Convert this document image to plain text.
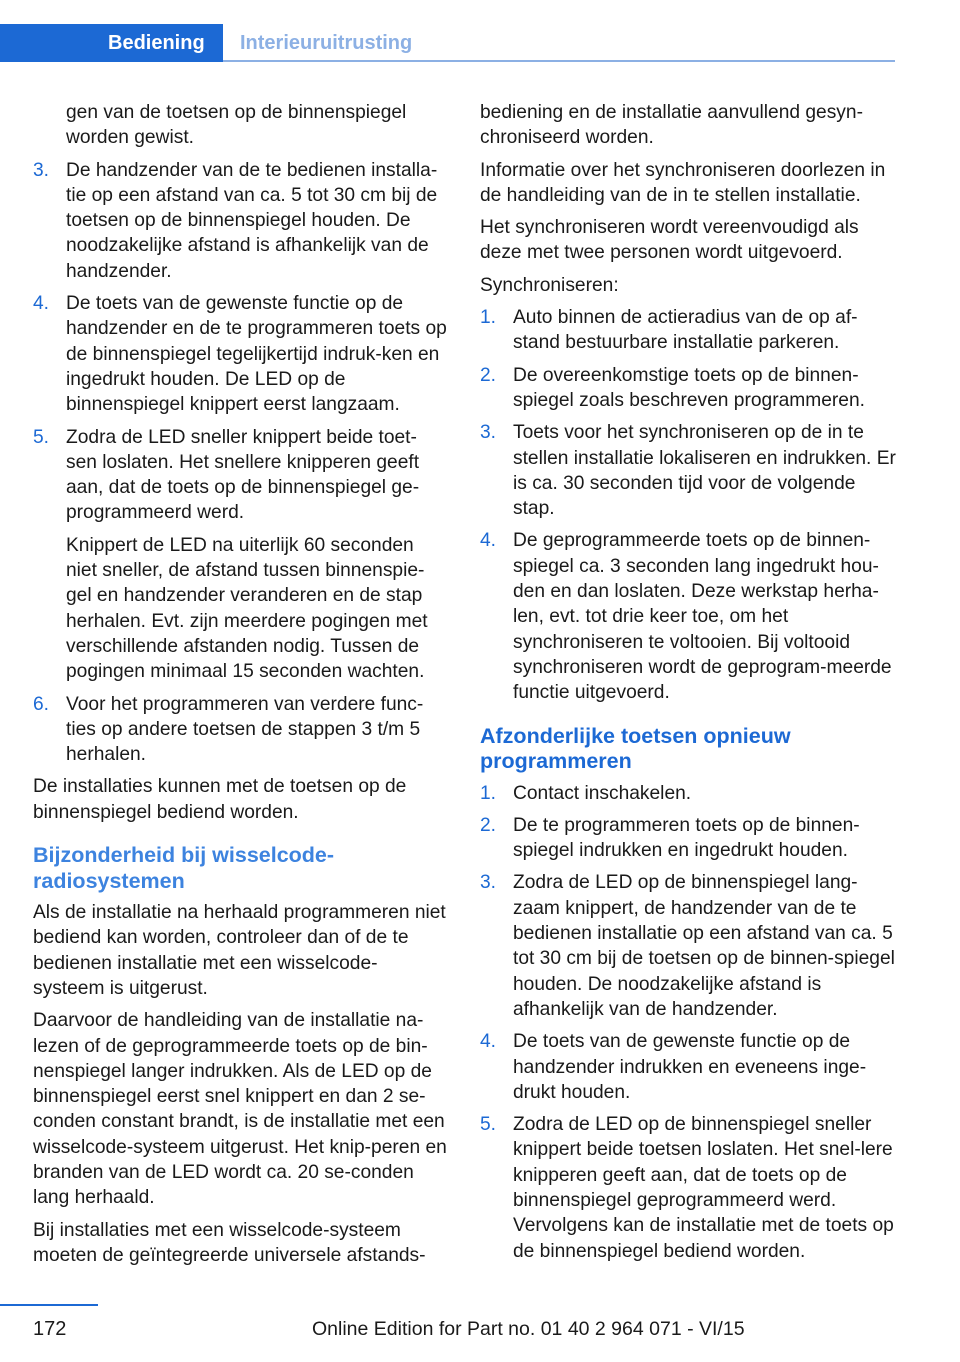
Bediening	Interieuruitrusting
gen van de toetsen op de binnenspiegel worden gewist.
3. De handzender van de te bedienen installa‐tie op een afstand van ca. 5 tot 30 cm bij de toetsen op de binnenspiegel houden. De noodzakelijke afstand is afhankelijk van de handzender.

4. De toets van de gewenste functie op de handzender en de te programmeren toets op de binnenspiegel tegelijkertijd indruk‐ken en ingedrukt houden. De LED op de binnenspiegel knippert eerst langzaam.

5. Zodra de LED sneller knippert beide toet‐sen loslaten. Het snellere knipperen geeft aan, dat de toets op de binnenspiegel ge‐programmeerd werd.

Knippert de LED na uiterlijk 60 seconden niet sneller, de afstand tussen binnenspie‐gel en handzender veranderen en de stap herhalen. Evt. zijn meerdere pogingen met verschillende afstanden nodig. Tussen de pogingen minimaal 15 seconden wachten.

6. Voor het programmeren van verdere func‐ties op andere toetsen de stappen 3 t/m 5 herhalen.

De installaties kunnen met de toetsen op de binnenspiegel bediend worden.

Bijzonderheid bij wisselcode‐radiosystemen

Als de installatie na herhaald programmeren niet bediend kan worden, controleer dan of de te bedienen installatie met een wisselcode‐systeem is uitgerust.

Daarvoor de handleiding van de installatie na‐lezen of de geprogrammeerde toets op de bin‐nenspiegel langer indrukken. Als de LED op de binnenspiegel eerst snel knippert en dan 2 se‐conden constant brandt, is de installatie met een wisselcode-systeem uitgerust. Het knip‐peren en branden van de LED wordt ca. 20 se‐conden lang herhaald.

Bij installaties met een wisselcode-systeem moeten de geïntegreerde universele afstands‐

bediening en de installatie aanvullend gesyn‐chroniseerd worden.

Informatie over het synchroniseren doorlezen in de handleiding van de in te stellen installatie.

Het synchroniseren wordt vereenvoudigd als deze met twee personen wordt uitgevoerd.

Synchroniseren:

1. Auto binnen de actieradius van de op af‐stand bestuurbare installatie parkeren.

2. De overeenkomstige toets op de binnen‐spiegel zoals beschreven programmeren.

3. Toets voor het synchroniseren op de in te stellen installatie lokaliseren en indrukken. Er is ca. 30 seconden tijd voor de volgende stap.

4. De geprogrammeerde toets op de binnen‐spiegel ca. 3 seconden lang ingedrukt hou‐den en dan loslaten. Deze werkstap herha‐len, evt. tot drie keer toe, om het synchroniseren te voltooien. Bij voltooid synchroniseren wordt de geprogram‐meerde functie uitgevoerd.

Afzonderlijke toetsen opnieuw programmeren
1. Contact inschakelen.

2. De te programmeren toets op de binnen‐spiegel indrukken en ingedrukt houden.

3. Zodra de LED op de binnenspiegel lang‐zaam knippert, de handzender van de te bedienen installatie op een afstand van ca. 5 tot 30 cm bij de toetsen op de binnen‐spiegel houden. De noodzakelijke afstand is afhankelijk van de handzender.

4. De toets van de gewenste functie op de handzender indrukken en eveneens inge‐drukt houden.

5. Zodra de LED op de binnenspiegel sneller knippert beide toetsen loslaten. Het snel‐lere knipperen geeft aan, dat de toets op de binnenspiegel geprogrammeerd werd. Vervolgens kan de installatie met de toets op de binnenspiegel bediend worden.

172	Online Edition for Part no. 01 40 2 964 071 - VI/15
